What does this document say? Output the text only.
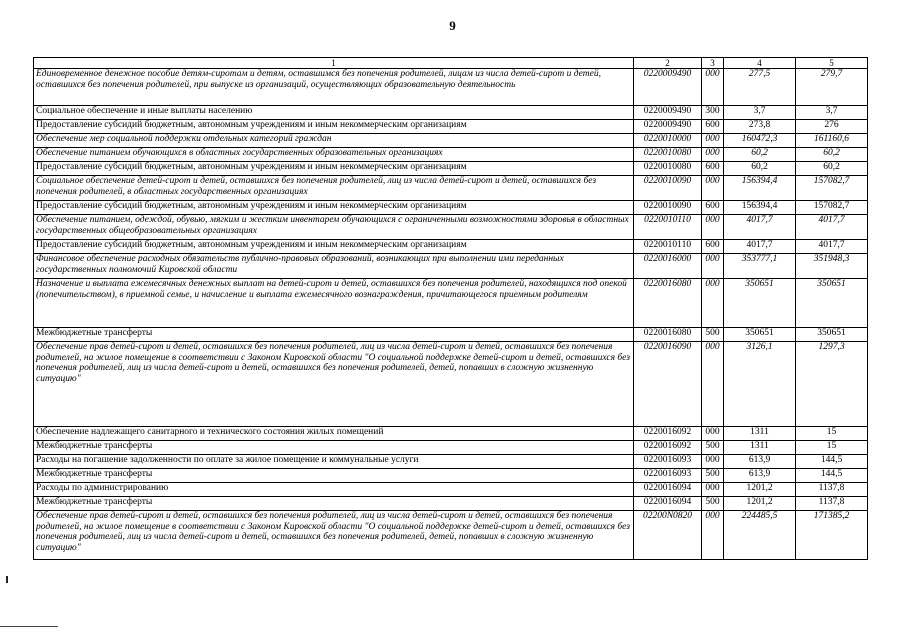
9
1	2	3	4	5
Единовременное денежное пособие детям-сиротам и детям, оставшимся без попечения родителей, лицам из числа детей-сирот и детей, оставшихся без попечения родителей, при выпуске из организаций, осуществляющих образовательную деятельность	0220009490	000	277,5	279,7
Социальное обеспечение и иные выплаты населению	0220009490	300	3,7	3,7
Предоставление субсидий бюджетным, автономным учреждениям и иным некоммерческим организациям	0220009490	600	273,8	276
Обеспечение мер социальной поддержки отдельных категорий граждан	0220010000	000	160472,3	161160,6
Обеспечение питанием обучающихся в областных государственных образовательных организациях	0220010080	000	60,2	60,2
Предоставление субсидий бюджетным, автономным учреждениям и иным некоммерческим организациям	0220010080	600	60,2	60,2
Социальное обеспечение детей-сирот и детей, оставшихся без попечения родителей, лиц из числа детей-сирот и детей, оставшихся без попечения родителей, в областных государственных организациях	0220010090	000	156394,4	157082,7
Предоставление субсидий бюджетным, автономным учреждениям и иным некоммерческим организациям	0220010090	600	156394,4	157082,7
Обеспечение питанием, одеждой, обувью, мягким и жестким инвентарем обучающихся с ограниченными возможностями здоровья в областных государственных общеобразовательных организациях	0220010110	000	4017,7	4017,7
Предоставление субсидий бюджетным, автономным учреждениям и иным некоммерческим организациям	0220010110	600	4017,7	4017,7
Финансовое обеспечение расходных обязательств публично-правовых образований, возникающих при выполнении ими переданных государственных полномочий Кировской области	0220016000	000	353777,1	351948,3
Назначение и выплата ежемесячных денежных выплат на детей-сирот и детей, оставшихся без попечения родителей, находящихся под опекой (попечительством), в приемной семье, и начисление и выплата ежемесячного вознаграждения, причитающегося приемным родителям	0220016080	000	350651	350651
Межбюджетные трансферты	0220016080	500	350651	350651
Обеспечение прав детей-сирот и детей, оставшихся без попечения родителей, лиц из числа детей-сирот и детей, оставшихся без попечения родителей, на жилое помещение в соответствии с Законом Кировской области "О социальной поддержке детей-сирот и детей, оставшихся без попечения родителей, лиц из числа детей-сирот и детей, оставшихся без попечения родителей, детей, попавших в сложную жизненную ситуацию"	0220016090	000	3126,1	1297,3
Обеспечение надлежащего санитарного и технического состояния жилых помещений	0220016092	000	1311	15
Межбюджетные трансферты	0220016092	500	1311	15
Расходы на погашение задолженности по оплате за жилое помещение и коммунальные услуги	0220016093	000	613,9	144,5
Межбюджетные трансферты	0220016093	500	613,9	144,5
Расходы по администрированию	0220016094	000	1201,2	1137,8
Межбюджетные трансферты	0220016094	500	1201,2	1137,8
Обеспечение прав детей-сирот и детей, оставшихся без попечения родителей, лиц из числа детей-сирот и детей, оставшихся без попечения родителей, на жилое помещение в соответствии с Законом Кировской области "О социальной поддержке детей-сирот и детей, оставшихся без попечения родителей, лиц из числа детей-сирот и детей, оставшихся без попечения родителей, детей, попавших в сложную жизненную ситуацию"	02200N0820	000	224485,5	171385,2
